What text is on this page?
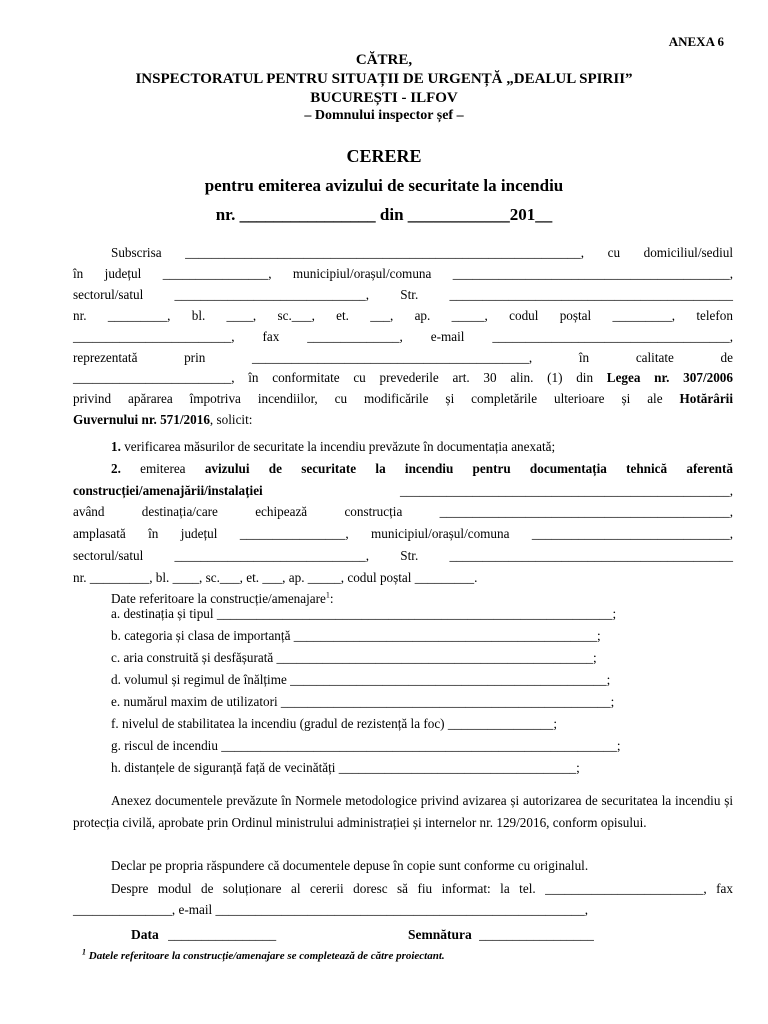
ANEXA 6
CĂTRE,
INSPECTORATUL PENTRU SITUAȚII DE URGENȚĂ „DEALUL SPIRII”
BUCUREȘTI - ILFOV
– Domnului inspector șef –
CERERE
pentru emiterea avizului de securitate la incendiu
nr. ________________ din ____________201__
Subscrisa ____________________________________________________________, cu domiciliul/sediul
în județul ________________, municipiul/orașul/comuna __________________________________________,
sectorul/satul _____________________________, Str. ___________________________________________
nr. _________, bl. ____, sc.___, et. ___, ap. _____, codul poștal _________, telefon
________________________, fax ______________, e-mail ____________________________________,
reprezentată prin __________________________________________, în calitate de
________________________, în conformitate cu prevederile art. 30 alin. (1) din Legea nr. 307/2006
privind apărarea împotriva incendiilor, cu modificările și completările ulterioare și ale Hotărârii
Guvernului nr. 571/2016, solicit:
1. verificarea măsurilor de securitate la incendiu prevăzute în documentația anexată;
2. emiterea avizului de securitate la incendiu pentru documentația tehnică aferentă
construcției/amenajării/instalației	__________________________________________________,
având destinația/care echipează construcția ____________________________________________,
amplasată în județul ________________, municipiul/orașul/comuna ______________________________,
sectorul/satul _____________________________, Str. ___________________________________________
nr. _________, bl. ____, sc.___, et. ___, ap. _____, codul poștal _________.
Date referitoare la construcție/amenajare$^1$:
a. destinația și tipul ____________________________________________________________;
b. categoria și clasa de importanță ______________________________________________;
c. aria construită și desfășurată ________________________________________________;
d. volumul și regimul de înălțime ________________________________________________;
e. numărul maxim de utilizatori __________________________________________________;
f. nivelul de stabilitatea la incendiu (gradul de rezistență la foc) ________________;
g. riscul de incendiu ____________________________________________________________;
h. distanțele de siguranță față de vecinătăți ____________________________________;
Anexez documentele prevăzute în Normele metodologice privind avizarea și autorizarea de securitatea la incendiu și protecția civilă, aprobate prin Ordinul ministrului administrației și internelor nr. 129/2016, conform opisului.
Declar pe propria răspundere că documentele depuse în copie sunt conforme cu originalul.
Despre modul de soluționare al cererii doresc să fiu informat: la tel. ________________________, fax
_______________, e-mail ________________________________________________________,
Data ________________	Semnătura _________________
$^1$ Datele referitoare la construcție/amenajare se completează de către proiectant.
